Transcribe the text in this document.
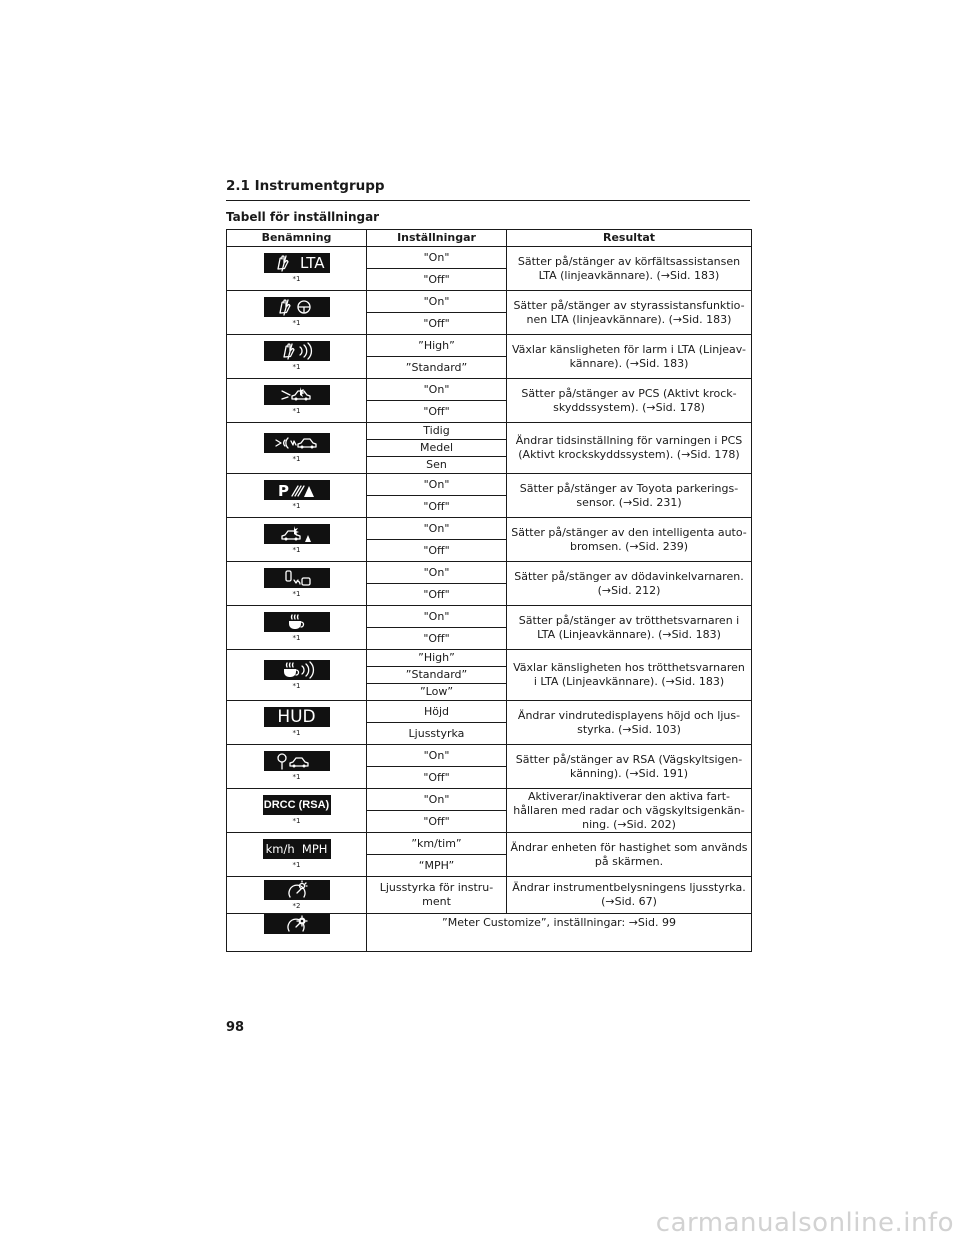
2.1 Instrumentgrupp
Tabell för inställningar
Benämning	Inställningar	Resultat

LTA
*1	"On"	Sätter på/stänger av körfältsassistansen LTA (linjeavkännare). (→Sid. 183)
	"Off"	

*1	"On"	Sätter på/stänger av styrassistansfunktio-nen LTA (linjeavkännare). (→Sid. 183)
	"Off"	

*1	”High”	Växlar känsligheten för larm i LTA (Linjeav-kännare). (→Sid. 183)
	”Standard”	

*1	"On"	Sätter på/stänger av PCS (Aktivt krock-skyddssystem). (→Sid. 178)
	"Off"	

*1	Tidig	Ändrar tidsinställning för varningen i PCS (Aktivt krockskyddssystem). (→Sid. 178)
	Medel	
	Sen	

P
*1	"On"	Sätter på/stänger av Toyota parkerings-sensor. (→Sid. 231)
	"Off"	

*1	"On"	Sätter på/stänger av den intelligenta auto-bromsen. (→Sid. 239)
	"Off"	

*1	"On"	Sätter på/stänger av dödavinkelvarnaren. (→Sid. 212)
	"Off"	

*1	"On"	Sätter på/stänger av trötthetsvarnaren i LTA (Linjeavkännare). (→Sid. 183)
	"Off"	

*1	”High”	Växlar känsligheten hos trötthetsvarnaren i LTA (Linjeavkännare). (→Sid. 183)
	”Standard”	
	”Low”	

HUD
*1	Höjd	Ändrar vindrutedisplayens höjd och ljus-styrka. (→Sid. 103)
	Ljusstyrka	

*1	"On"	Sätter på/stänger av RSA (Vägskyltsigen-känning). (→Sid. 191)
	"Off"	

DRCC (RSA)
*1	"On"	Aktiverar/inaktiverar den aktiva fart-hållaren med radar och vägskyltsigenkän-ning. (→Sid. 202)
	"Off"	

km/h  MPH
*1	”km/tim”	Ändrar enheten för hastighet som används på skärmen.
	“MPH”	

*2	Ljusstyrka för instru-ment	Ändrar instrumentbelysningens ljusstyrka. (→Sid. 67)

	”Meter Customize”, inställningar: →Sid. 99	
98
carmanualsonline.info
